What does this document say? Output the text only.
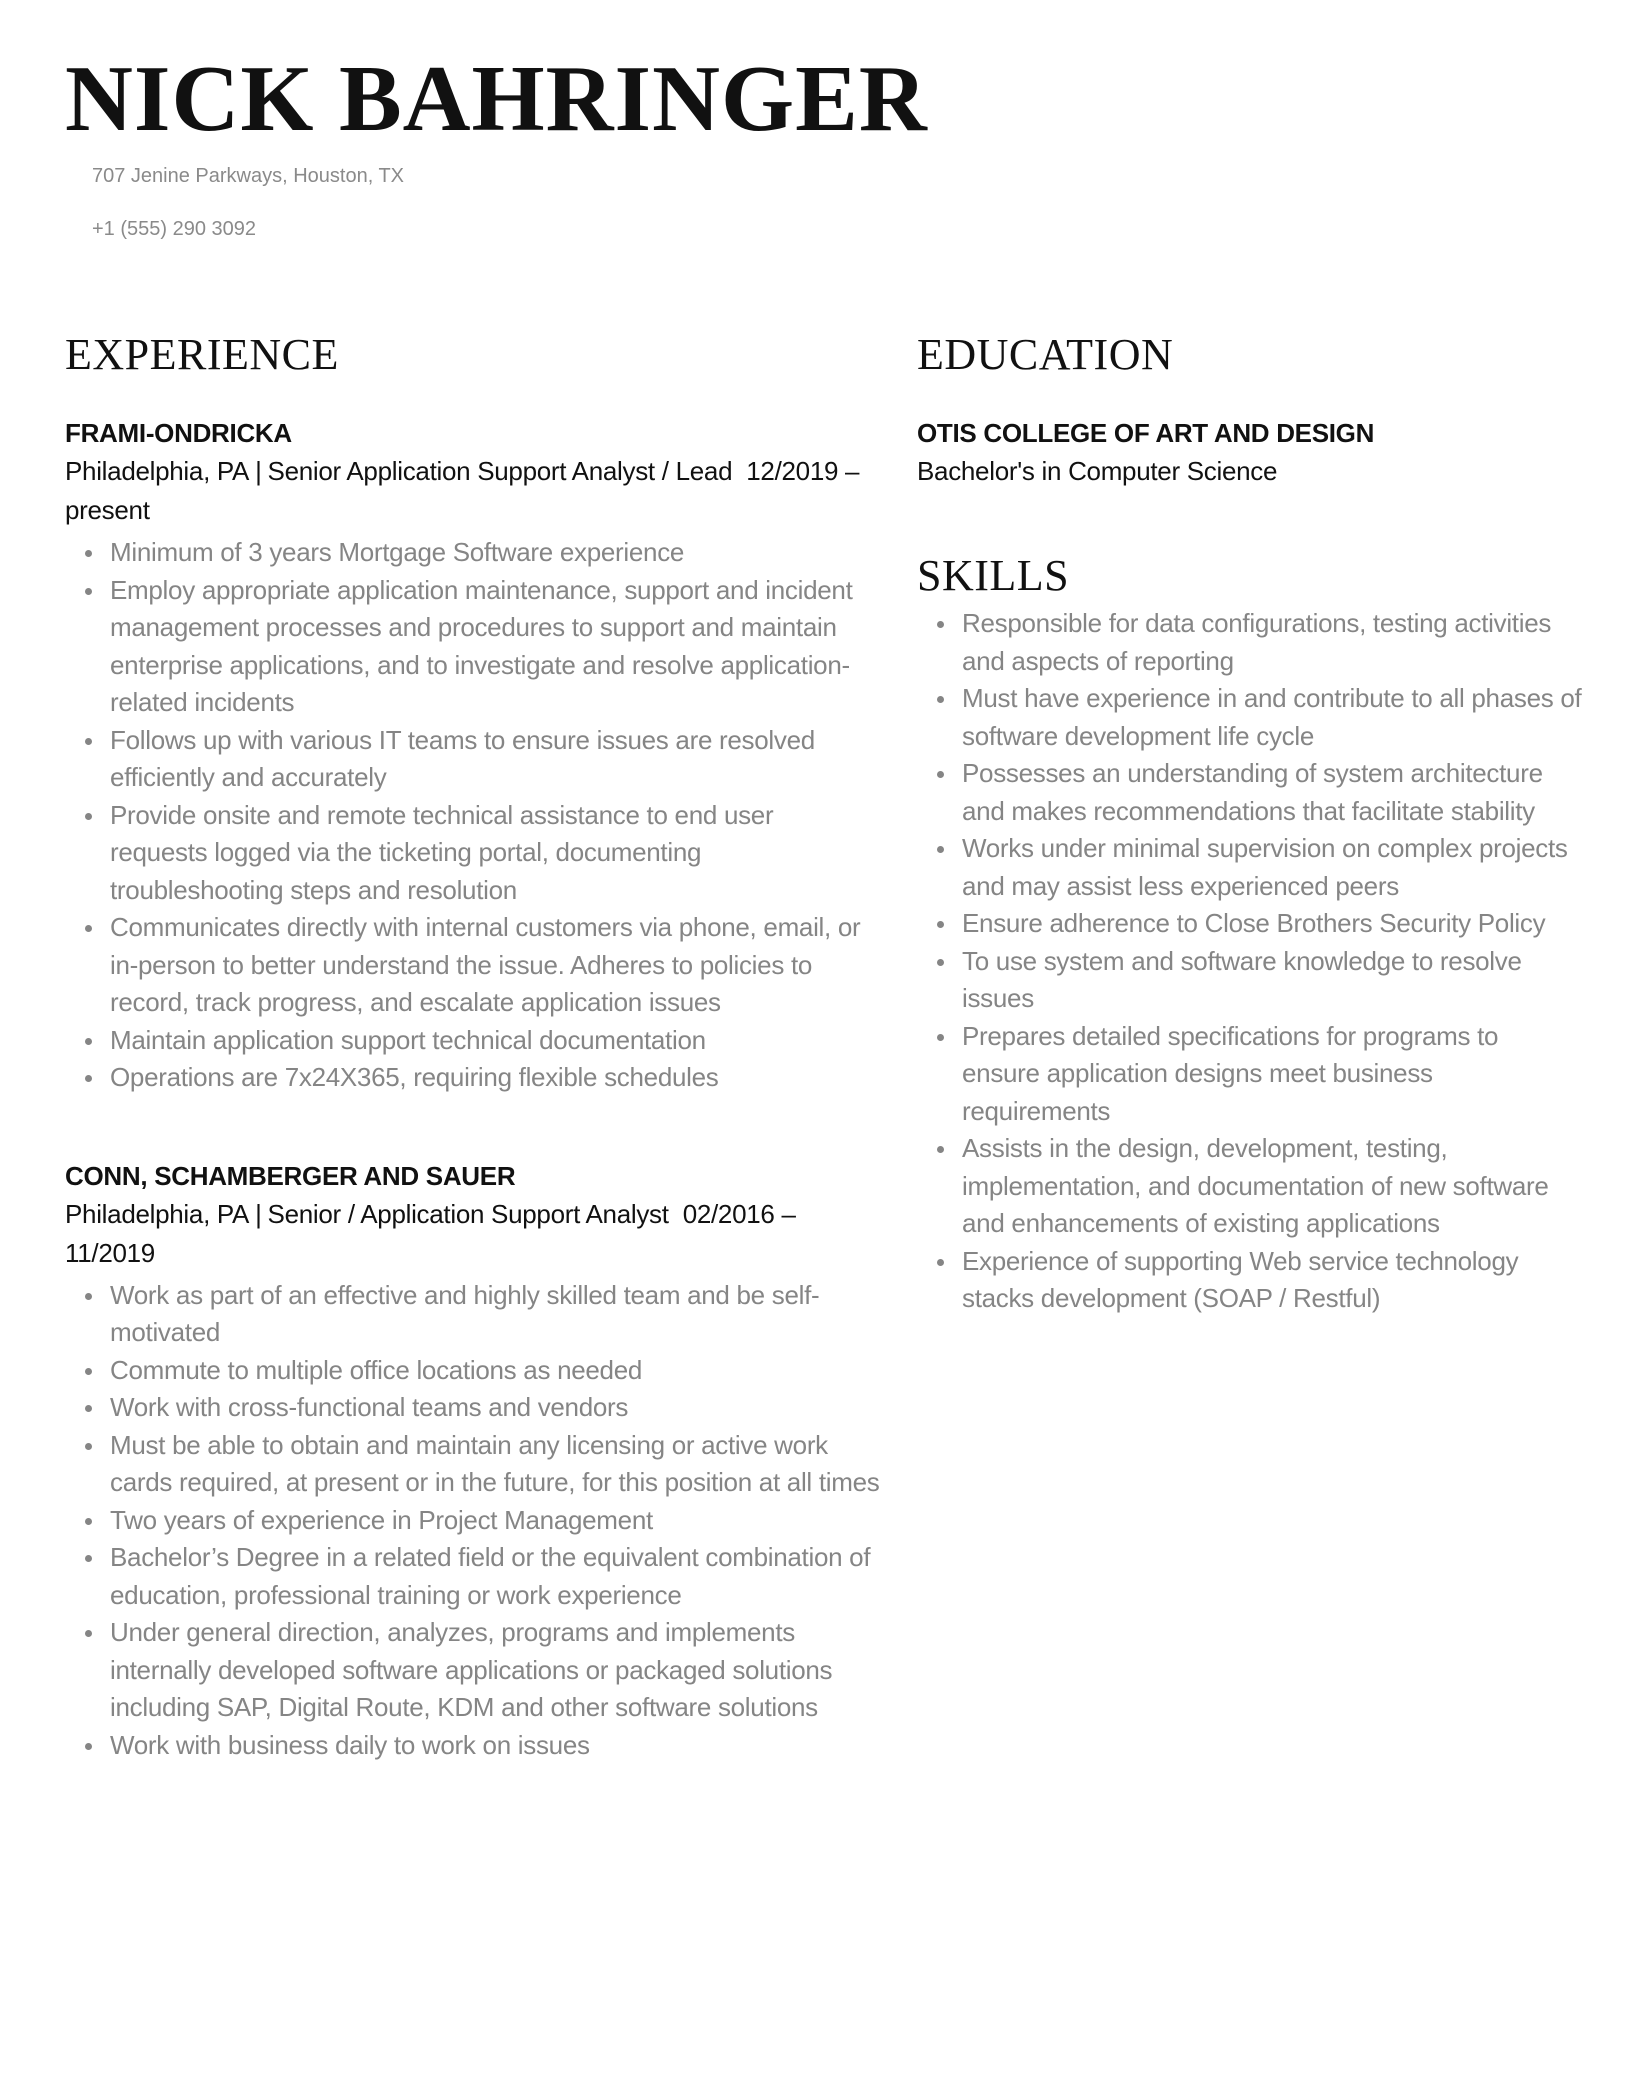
NICK BAHRINGER
707 Jenine Parkways, Houston, TX
+1 (555) 290 3092
EXPERIENCE

FRAMI-ONDRICKA

Philadelphia, PA | Senior Application Support Analyst / Lead 12/2019 – present

Minimum of 3 years Mortgage Software experience
Employ appropriate application maintenance, support and incident management processes and procedures to support and maintain enterprise applications, and to investigate and resolve application-related incidents
Follows up with various IT teams to ensure issues are resolved efficiently and accurately
Provide onsite and remote technical assistance to end user requests logged via the ticketing portal, documenting troubleshooting steps and resolution
Communicates directly with internal customers via phone, email, or in-person to better understand the issue. Adheres to policies to record, track progress, and escalate application issues
Maintain application support technical documentation
Operations are 7x24X365, requiring flexible schedules

CONN, SCHAMBERGER AND SAUER

Philadelphia, PA | Senior / Application Support Analyst 02/2016 – 11/2019

Work as part of an effective and highly skilled team and be self-motivated
Commute to multiple office locations as needed
Work with cross-functional teams and vendors
Must be able to obtain and maintain any licensing or active work cards required, at present or in the future, for this position at all times
Two years of experience in Project Management
Bachelor’s Degree in a related field or the equivalent combination of education, professional training or work experience
Under general direction, analyzes, programs and implements internally developed software applications or packaged solutions including SAP, Digital Route, KDM and other software solutions
Work with business daily to work on issues
EDUCATION

OTIS COLLEGE OF ART AND DESIGN

Bachelor's in Computer Science

SKILLS
Responsible for data configurations, testing activities and aspects of reporting
Must have experience in and contribute to all phases of software development life cycle
Possesses an understanding of system architecture and makes recommendations that facilitate stability
Works under minimal supervision on complex projects and may assist less experienced peers
Ensure adherence to Close Brothers Security Policy
To use system and software knowledge to resolve issues
Prepares detailed specifications for programs to ensure application designs meet business requirements
Assists in the design, development, testing, implementation, and documentation of new software and enhancements of existing applications
Experience of supporting Web service technology stacks development (SOAP / Restful)
